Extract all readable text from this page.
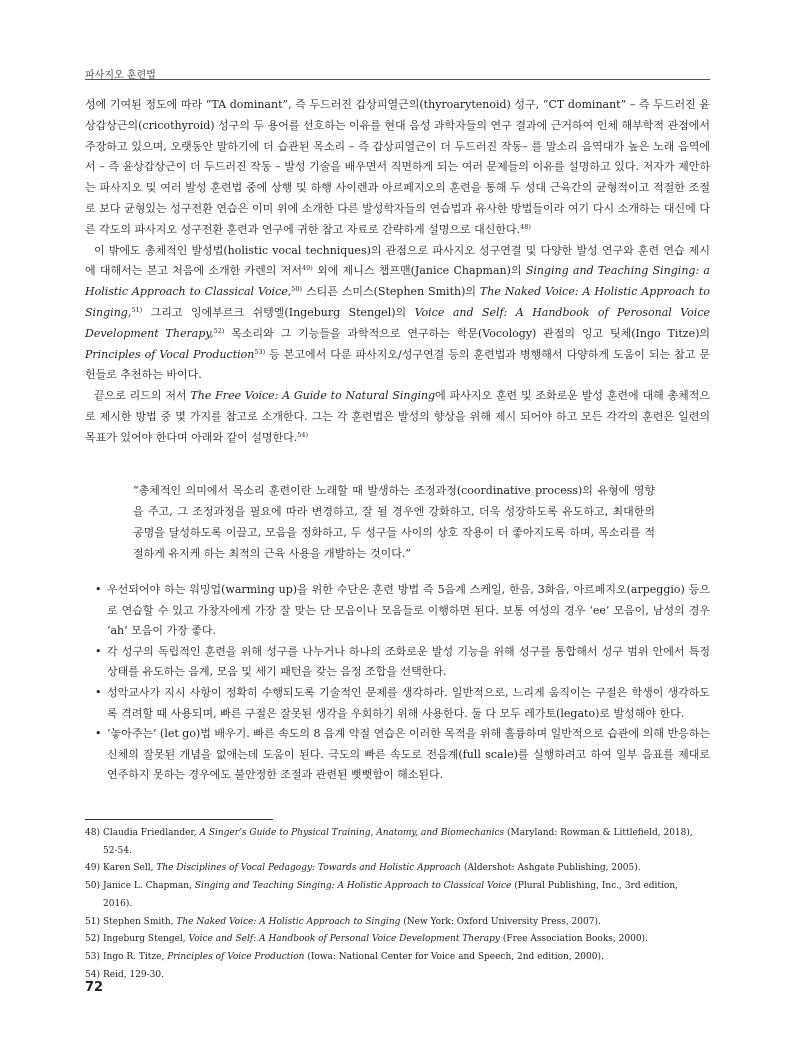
파사지오 훈련법

성에 기여된 정도에 따라 “TA dominant”, 즉 두드러진 갑상피열근의(thyroarytenoid) 성구, “CT dominant” – 즉 두드러진 윤상갑상근의(cricothyroid) 성구의 두 용어를 선호하는 이유를 현대 음성 과학자들의 연구 결과에 근거하여 인체 해부학적 관점에서 주장하고 있으며, 오랫동안 말하기에 더 습관된 목소리 – 즉 갑상피열근이 더 두드러진 작동– 를 말소리 음역대가 높은 노래 음역에서 – 즉 윤상갑상근이 더 두드러진 작동 – 발성 기술을 배우면서 직면하게 되는 여러 문제들의 이유를 설명하고 있다. 저자가 제안하는 파사지오 및 여러 발성 훈련법 중에 상행 및 하행 사이렌과 아르페지오의 훈련을 통해 두 성대 근육간의 균형적이고 적절한 조절로 보다 균형있는 성구전환 연습은 이미 위에 소개한 다른 발성학자들의 연습법과 유사한 방법들이라 여기 다시 소개하는 대신에 다른 각도의 파사지오 성구전환 훈련과 연구에 귀한 참고 자료로 간략하게 설명으로 대신한다.$^{48)}$

이 밖에도 총체적인 발성법(holistic vocal techniques)의 관점으로 파사지오 성구연결 및 다양한 발성 연구와 훈련 연습 제시에 대해서는 본고 처음에 소개한 카렌의 저서$^{49)}$ 외에 제니스 챕프맨(Janice Chapman)의 Singing and Teaching Singing: a Holistic Approach to Classical Voice,$^{50)}$ 스티픈 스미스(Stephen Smith)의 The Naked Voice: A Holistic Approach to Singing,$^{51)}$ 그리고 잉에부르크 쉬텡엘(Ingeburg Stengel)의 Voice and Self: A Handbook of Perosonal Voice Development Therapy,$^{52)}$ 목소리와 그 기능들을 과학적으로 연구하는 학문(Vocology) 관점의 잉고 팃체(Ingo Titze)의 Principles of Vocal Production$^{53)}$ 등 본고에서 다룬 파사지오/성구연결 등의 훈련법과 병행해서 다양하게 도움이 되는 참고 문헌들로 추천하는 바이다.

끝으로 리드의 저서 The Free Voice: A Guide to Natural Singing에 파사지오 훈련 및 조화로운 발성 훈련에 대해 총체적으로 제시한 방법 중 몇 가지를 참고로 소개한다. 그는 각 훈련법은 발성의 향상을 위해 제시 되어야 하고 모든 각각의 훈련은 일련의 목표가 있어야 한다며 아래와 같이 설명한다.$^{54)}$

“총체적인 의미에서 목소리 훈련이란 노래할 때 발생하는 조정과정(coordinative process)의 유형에 영향을 주고, 그 조정과정을 필요에 따라 변경하고, 잘 될 경우엔 강화하고, 더욱 성장하도록 유도하고, 최대한의 공명을 달성하도록 이끌고, 모음을 정화하고, 두 성구들 사이의 상호 작용이 더 좋아지도록 하며, 목소리를 적절하게 유지케 하는 최적의 근육 사용을 개발하는 것이다.”

• 우선되어야 하는 워밍업(warming up)을 위한 수단은 훈련 방법 즉 5음계 스케일, 한음, 3화음, 아르페지오(arpeggio) 등으로 연습할 수 있고 가창자에게 가장 잘 맞는 단 모음이나 모음들로 이행하면 된다. 보통 여성의 경우 ‘ee’ 모음이, 남성의 경우 ‘ah’ 모음이 가장 좋다.
• 각 성구의 독립적인 훈련을 위해 성구를 나누거나 하나의 조화로운 발성 기능을 위해 성구를 통합해서 성구 범위 안에서 특정 상태를 유도하는 음계, 모음 및 세기 패턴을 갖는 음정 조합을 선택한다.
• 성악교사가 지시 사항이 정확히 수행되도록 기술적인 문제를 생각하라. 일반적으로, 느리게 움직이는 구절은 학생이 생각하도록 격려할 때 사용되며, 빠른 구절은 잘못된 생각을 우회하기 위해 사용한다. 둘 다 모두 레가토(legato)로 발성해야 한다.
• ‘놓아주는’ (let go)법 배우기. 빠른 속도의 8 음계 약절 연습은 이러한 목적을 위해 훌륭하며 일반적으로 습관에 의해 반응하는 신체의 잘못된 개념을 없애는데 도움이 된다. 극도의 빠른 속도로 전음계(full scale)를 실행하려고 하여 일부 음표를 제대로 연주하지 못하는 경우에도 불안정한 조절과 관련된 뻣뻣함이 해소된다.
48) Claudia Friedlander, A Singer’s Guide to Physical Training, Anatomy, and Biomechanics (Maryland: Rowman & Littlefield, 2018), 52-54.
49) Karen Sell, The Disciplines of Vocal Pedagogy: Towards and Holistic Approach (Aldershot: Ashgate Publishing, 2005).
50) Janice L. Chapman, Singing and Teaching Singing: A Holistic Approach to Classical Voice (Plural Publishing, Inc., 3rd edition, 2016).
51) Stephen Smith, The Naked Voice: A Holistic Approach to Singing (New York: Oxford University Press, 2007).
52) Ingeburg Stengel, Voice and Self: A Handbook of Personal Voice Development Therapy (Free Association Books, 2000).
53) Ingo R. Titze, Principles of Voice Production (Iowa: National Center for Voice and Speech, 2nd edition, 2000).
54) Reid, 129-30.
72
